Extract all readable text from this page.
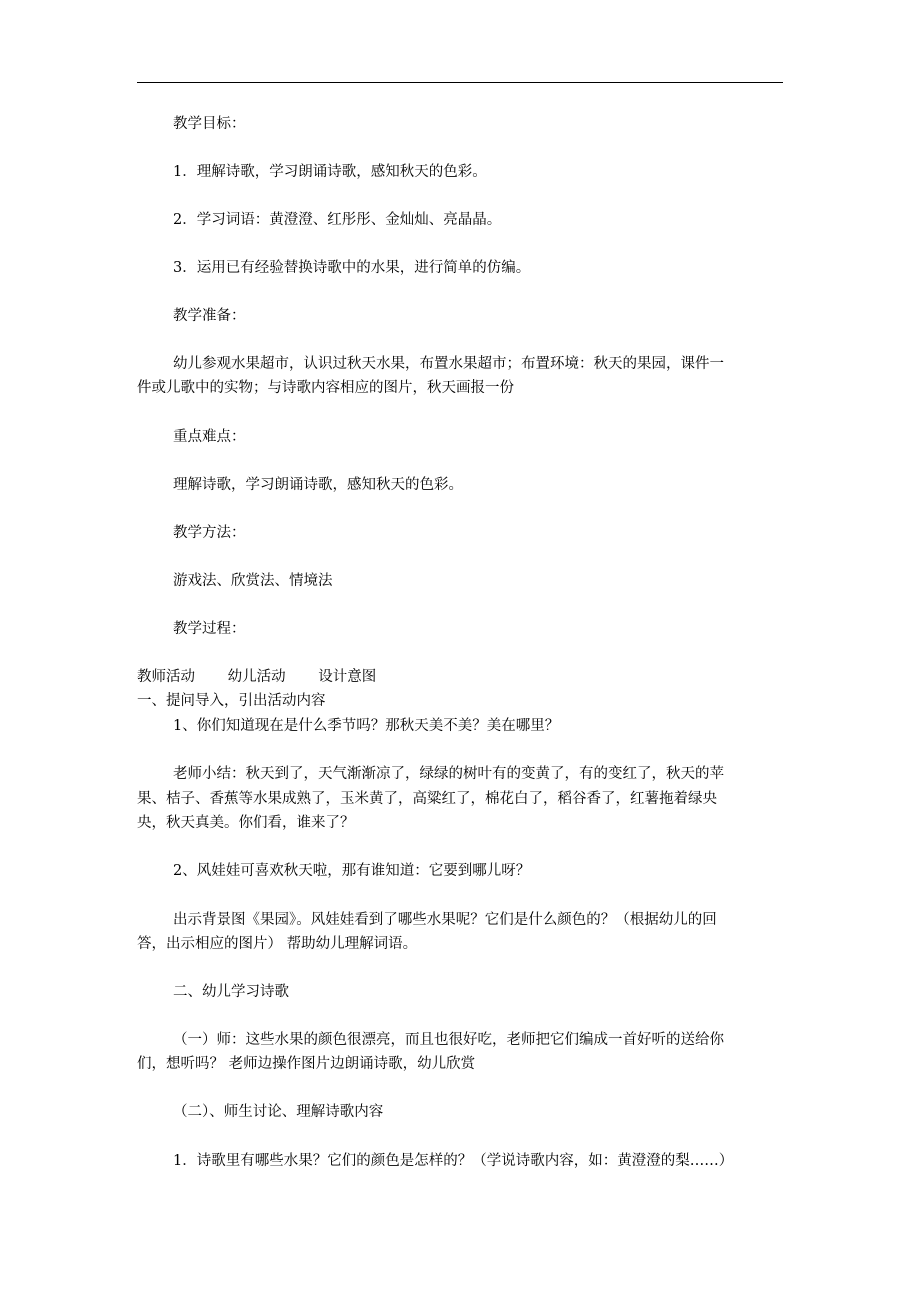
教学目标：
1．理解诗歌，学习朗诵诗歌，感知秋天的色彩。
2．学习词语：黄澄澄、红彤彤、金灿灿、亮晶晶。
3．运用已有经验替换诗歌中的水果，进行简单的仿编。
教学准备：
幼儿参观水果超市，认识过秋天水果，布置水果超市；布置环境：秋天的果园，课件一
件或儿歌中的实物；与诗歌内容相应的图片，秋天画报一份
重点难点：
理解诗歌，学习朗诵诗歌，感知秋天的色彩。
教学方法：
游戏法、欣赏法、情境法
教学过程：
教师活动 幼儿活动 设计意图
一、提问导入，引出活动内容
1、你们知道现在是什么季节吗？那秋天美不美？美在哪里？
老师小结：秋天到了，天气渐渐凉了，绿绿的树叶有的变黄了，有的变红了，秋天的苹
果、桔子、香蕉等水果成熟了，玉米黄了，高粱红了，棉花白了，稻谷香了，红薯拖着绿央
央，秋天真美。你们看，谁来了？
2、风娃娃可喜欢秋天啦，那有谁知道：它要到哪儿呀？
出示背景图《果园》。风娃娃看到了哪些水果呢？它们是什么颜色的？（根据幼儿的回
答，出示相应的图片） 帮助幼儿理解词语。
二、幼儿学习诗歌
（一）师：这些水果的颜色很漂亮，而且也很好吃，老师把它们编成一首好听的送给你
们，想听吗？ 老师边操作图片边朗诵诗歌，幼儿欣赏
（二）、师生讨论、理解诗歌内容
1．诗歌里有哪些水果？它们的颜色是怎样的？（学说诗歌内容，如：黄澄澄的梨……）
